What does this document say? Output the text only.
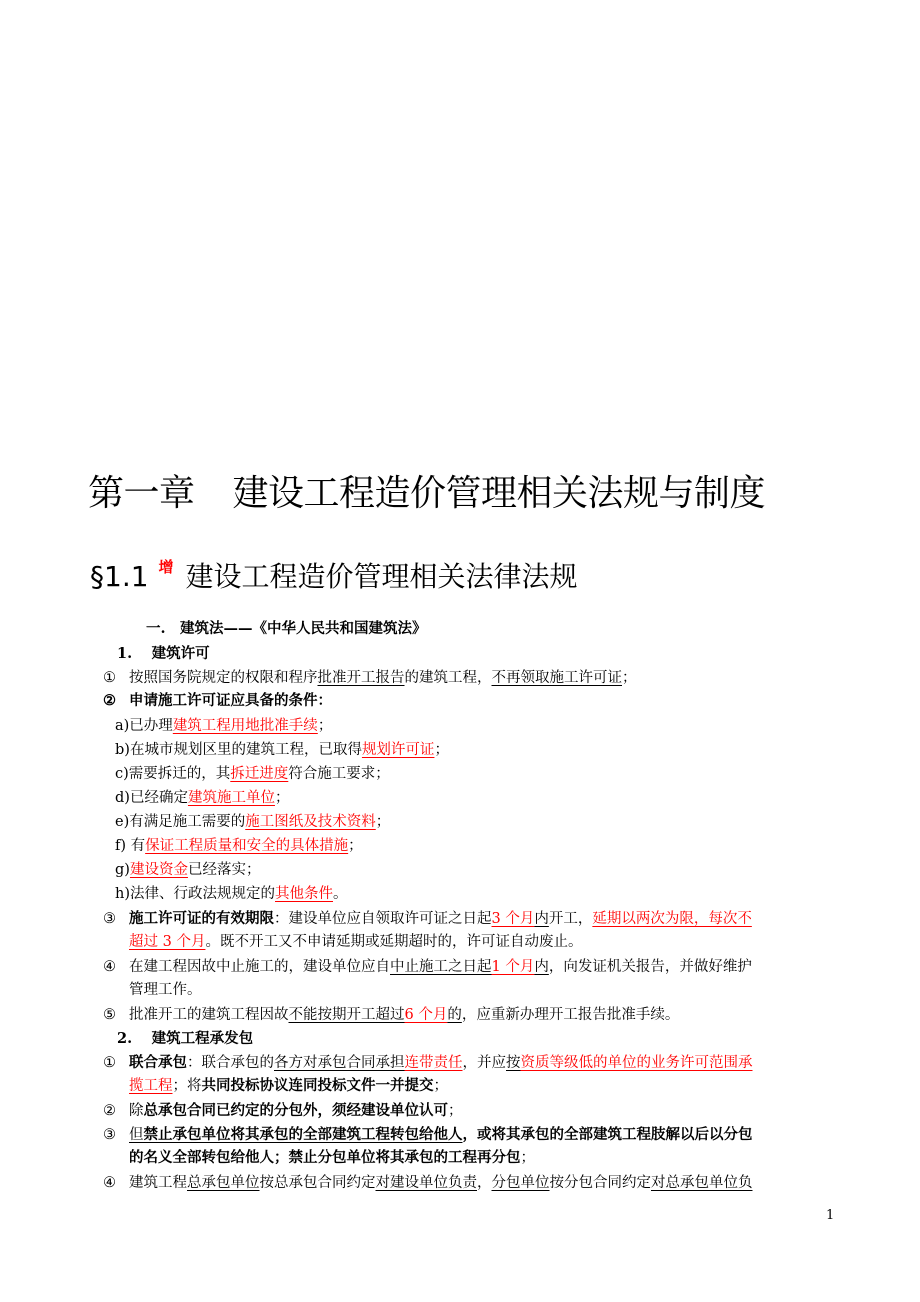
第一章 建设工程造价管理相关法规与制度
§1.1 $^增$ 建设工程造价管理相关法律法规
一.　建筑法——《中华人民共和国建筑法》
1.　 建筑许可
① 按照国务院规定的权限和程序批准开工报告的建筑工程，不再领取施工许可证；
② 申请施工许可证应具备的条件：
a)已办理建筑工程用地批准手续；
b)在城市规划区里的建筑工程，已取得规划许可证；
c)需要拆迁的，其拆迁进度符合施工要求；
d)已经确定建筑施工单位；
e)有满足施工需要的施工图纸及技术资料；
f) 有保证工程质量和安全的具体措施；
g)建设资金已经落实；
h)法律、行政法规规定的其他条件。
③ 施工许可证的有效期限：建设单位应自领取许可证之日起3 个月内开工，延期以两次为限，每次不
超过 3 个月。既不开工又不申请延期或延期超时的，许可证自动废止。
④ 在建工程因故中止施工的，建设单位应自中止施工之日起1 个月内，向发证机关报告，并做好维护
管理工作。
⑤ 批准开工的建筑工程因故不能按期开工超过6 个月的，应重新办理开工报告批准手续。
2.　 建筑工程承发包
① 联合承包：联合承包的各方对承包合同承担连带责任，并应按资质等级低的单位的业务许可范围承
揽工程；将共同投标协议连同投标文件一并提交；
② 除总承包合同已约定的分包外，须经建设单位认可；
③ 但禁止承包单位将其承包的全部建筑工程转包给他人，或将其承包的全部建筑工程肢解以后以分包
的名义全部转包给他人；禁止分包单位将其承包的工程再分包；
④ 建筑工程总承包单位按总承包合同约定对建设单位负责，分包单位按分包合同约定对总承包单位负
1
